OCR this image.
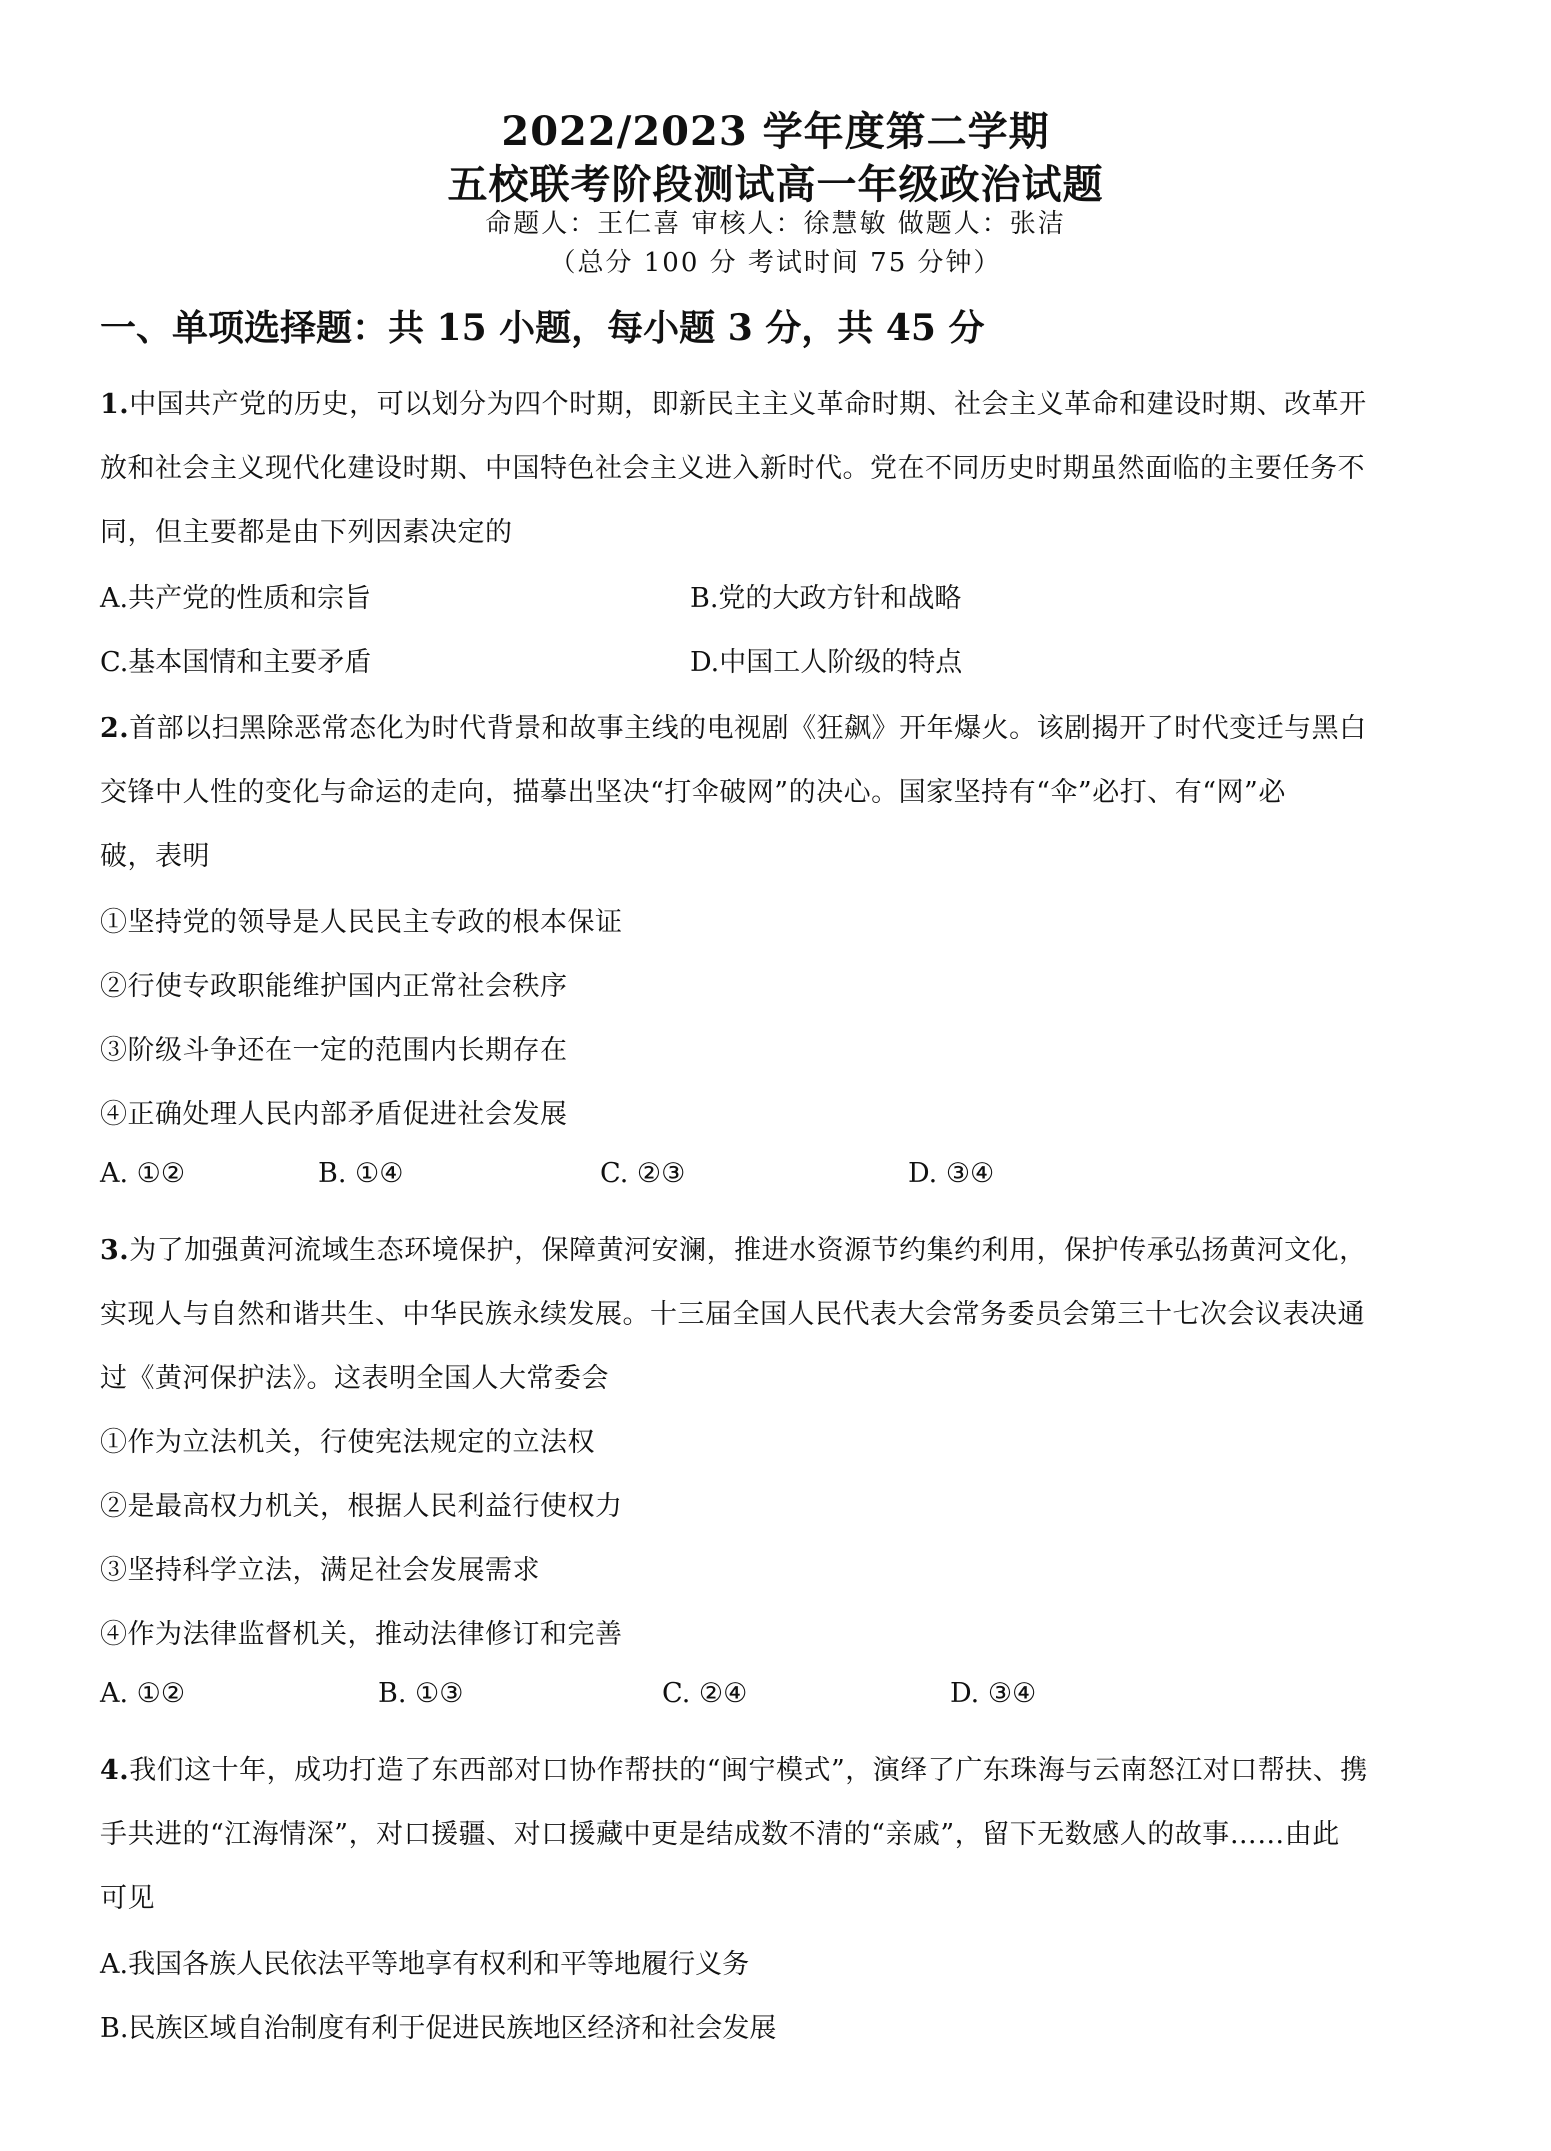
2022/2023 学年度第二学期
五校联考阶段测试高一年级政治试题
命题人：王仁喜 审核人：徐慧敏 做题人：张洁
（总分 100 分 考试时间 75 分钟）
一、单项选择题：共 15 小题，每小题 3 分，共 45 分
1.中国共产党的历史，可以划分为四个时期，即新民主主义革命时期、社会主义革命和建设时期、改革开
放和社会主义现代化建设时期、中国特色社会主义进入新时代。党在不同历史时期虽然面临的主要任务不
同，但主要都是由下列因素决定的
A.共产党的性质和宗旨	B.党的大政方针和战略
C.基本国情和主要矛盾	D.中国工人阶级的特点
2.首部以扫黑除恶常态化为时代背景和故事主线的电视剧《狂飙》开年爆火。该剧揭开了时代变迁与黑白
交锋中人性的变化与命运的走向，描摹出坚决“打伞破网”的决心。国家坚持有“伞”必打、有“网”必
破，表明
①坚持党的领导是人民民主专政的根本保证
②行使专政职能维护国内正常社会秩序
③阶级斗争还在一定的范围内长期存在
④正确处理人民内部矛盾促进社会发展
A. ①②	B. ①④	C. ②③	D. ③④
3.为了加强黄河流域生态环境保护，保障黄河安澜，推进水资源节约集约利用，保护传承弘扬黄河文化，
实现人与自然和谐共生、中华民族永续发展。十三届全国人民代表大会常务委员会第三十七次会议表决通
过《黄河保护法》。这表明全国人大常委会
①作为立法机关，行使宪法规定的立法权
②是最高权力机关，根据人民利益行使权力
③坚持科学立法，满足社会发展需求
④作为法律监督机关，推动法律修订和完善
A. ①②	B. ①③	C. ②④	D. ③④
4.我们这十年，成功打造了东西部对口协作帮扶的“闽宁模式”，演绎了广东珠海与云南怒江对口帮扶、携
手共进的“江海情深”，对口援疆、对口援藏中更是结成数不清的“亲戚”，留下无数感人的故事……由此
可见
A.我国各族人民依法平等地享有权利和平等地履行义务
B.民族区域自治制度有利于促进民族地区经济和社会发展
